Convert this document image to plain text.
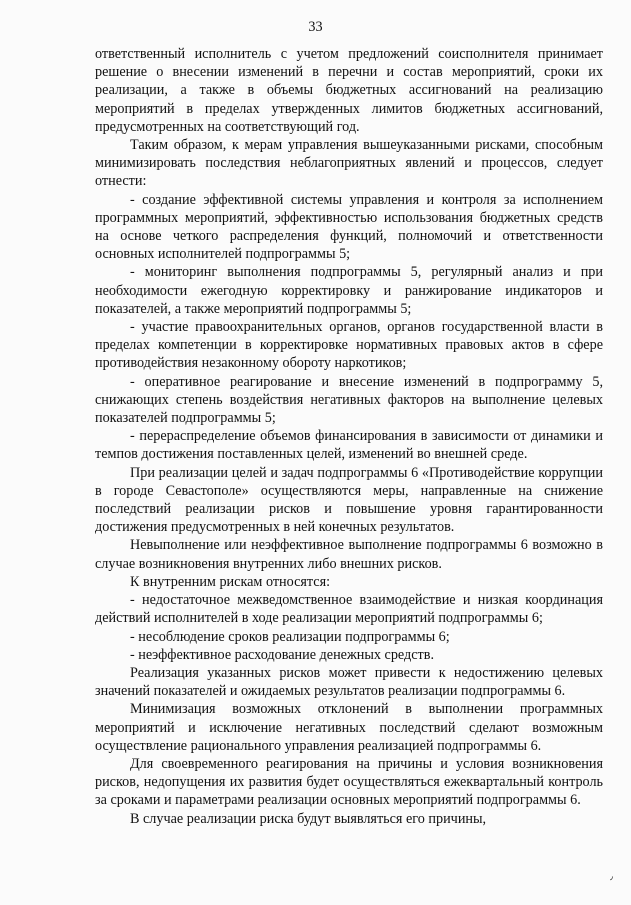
33

ответственный исполнитель с учетом предложений соисполнителя принимает решение о внесении изменений в перечни и состав мероприятий, сроки их реализации, а также в объемы бюджетных ассигнований на реализацию мероприятий в пределах утвержденных лимитов бюджетных ассигнований, предусмотренных на соответствующий год.

Таким образом, к мерам управления вышеуказанными рисками, способным минимизировать последствия неблагоприятных явлений и процессов, следует отнести:

- создание эффективной системы управления и контроля за исполнением программных мероприятий, эффективностью использования бюджетных средств на основе четкого распределения функций, полномочий и ответственности основных исполнителей подпрограммы 5;

- мониторинг выполнения подпрограммы 5, регулярный анализ и при необходимости ежегодную корректировку и ранжирование индикаторов и показателей, а также мероприятий подпрограммы 5;

- участие правоохранительных органов, органов государственной власти в пределах компетенции в корректировке нормативных правовых актов в сфере противодействия незаконному обороту наркотиков;

- оперативное реагирование и внесение изменений в подпрограмму 5, снижающих степень воздействия негативных факторов на выполнение целевых показателей подпрограммы 5;

- перераспределение объемов финансирования в зависимости от динамики и темпов достижения поставленных целей, изменений во внешней среде.

При реализации целей и задач подпрограммы 6 «Противодействие коррупции в городе Севастополе» осуществляются меры, направленные на снижение последствий реализации рисков и повышение уровня гарантированности достижения предусмотренных в ней конечных результатов.

Невыполнение или неэффективное выполнение подпрограммы 6 возможно в случае возникновения внутренних либо внешних рисков.

К внутренним рискам относятся:

- недостаточное межведомственное взаимодействие и низкая координация действий исполнителей в ходе реализации мероприятий подпрограммы 6;

- несоблюдение сроков реализации подпрограммы 6;

- неэффективное расходование денежных средств.

Реализация указанных рисков может привести к недостижению целевых значений показателей и ожидаемых результатов реализации подпрограммы 6.

Минимизация возможных отклонений в выполнении программных мероприятий и исключение негативных последствий сделают возможным осуществление рационального управления реализацией подпрограммы 6.

Для своевременного реагирования на причины и условия возникновения рисков, недопущения их развития будет осуществляться ежеквартальный контроль за сроками и параметрами реализации основных мероприятий подпрограммы 6.

В случае реализации риска будут выявляться его причины,

٫
